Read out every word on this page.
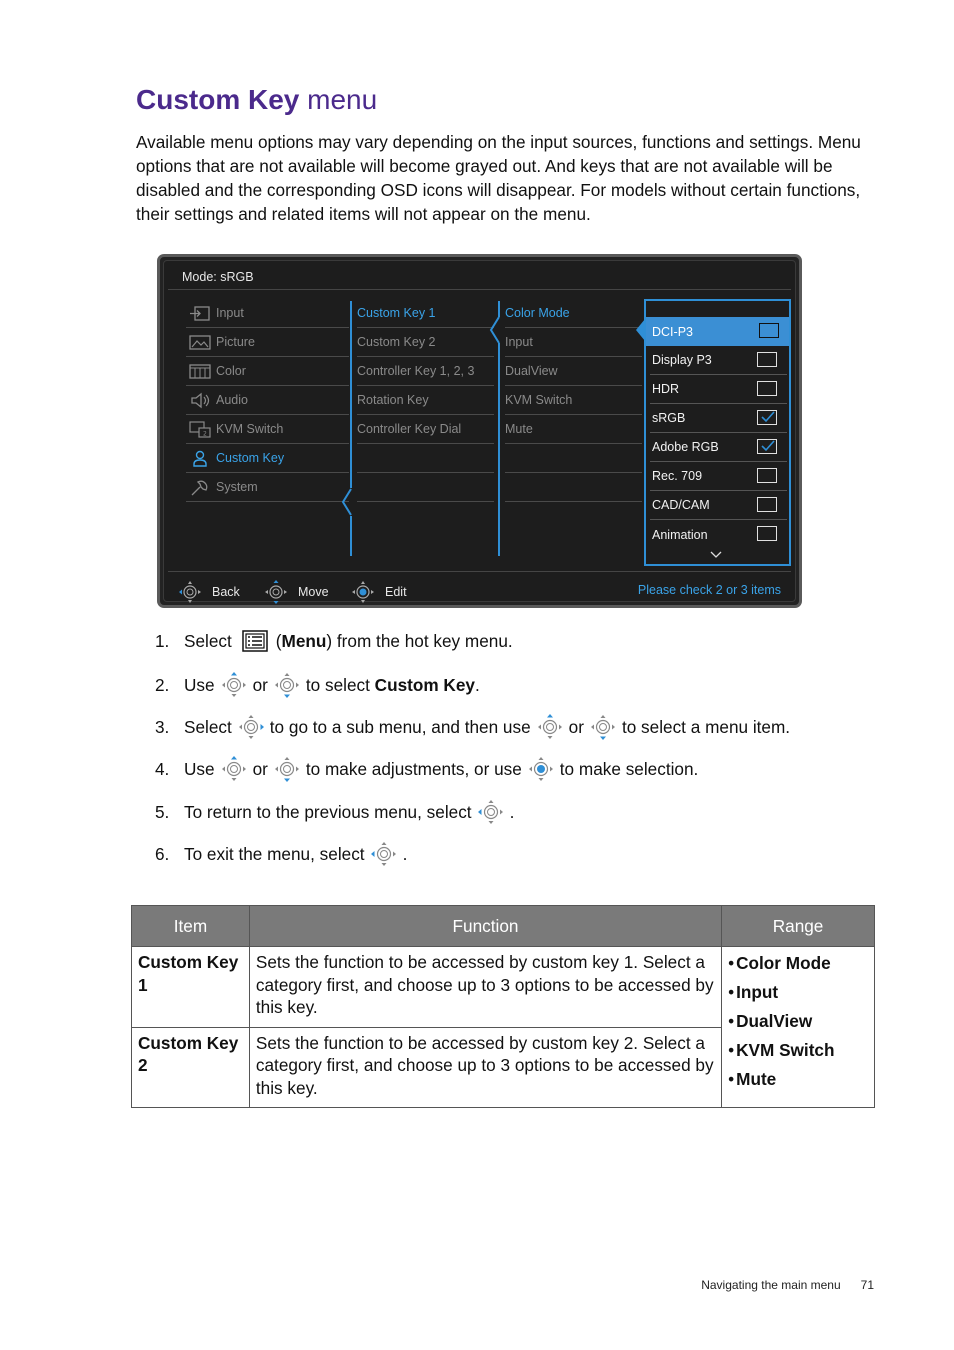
Custom Key menu
Available menu options may vary depending on the input sources, functions and settings. Menu options that are not available will become grayed out. And keys that are not available will be disabled and the corresponding OSD icons will disappear. For models without certain functions, their settings and related items will not appear on the menu.
Mode: sRGB
Input
Picture
Color
Audio
2 KVM Switch
Custom Key
System
Custom Key 1
Custom Key 2
Controller Key 1, 2, 3
Rotation Key
Controller Key Dial
Color Mode
Input
DualView
KVM Switch
Mute
DCI-P3
Display P3
HDR
sRGB
Adobe RGB
Rec. 709
CAD/CAM
Animation
Back	Move	Edit	Please check 2 or 3 items
1. Select	( Menu ) from the hot key menu.
2. Use or to select
Custom Key .
3. Select to go to a sub menu, and then use or to select a menu item.
4. Use or to make adjustments, or use to make selection.
5. To return to the previous menu, select .
6. To exit the menu, select .
Item	Function	Range
Custom Key 1	Sets the function to be accessed by custom key 1. Select a category first, and choose up to 3 options to be accessed by this key.	• Color Mode
• Input
• DualView
• KVM Switch
• Mute

Custom Key 2	Sets the function to be accessed by custom key 2. Select a category first, and choose up to 3 options to be accessed by this key.	
Navigating the main menu 71
